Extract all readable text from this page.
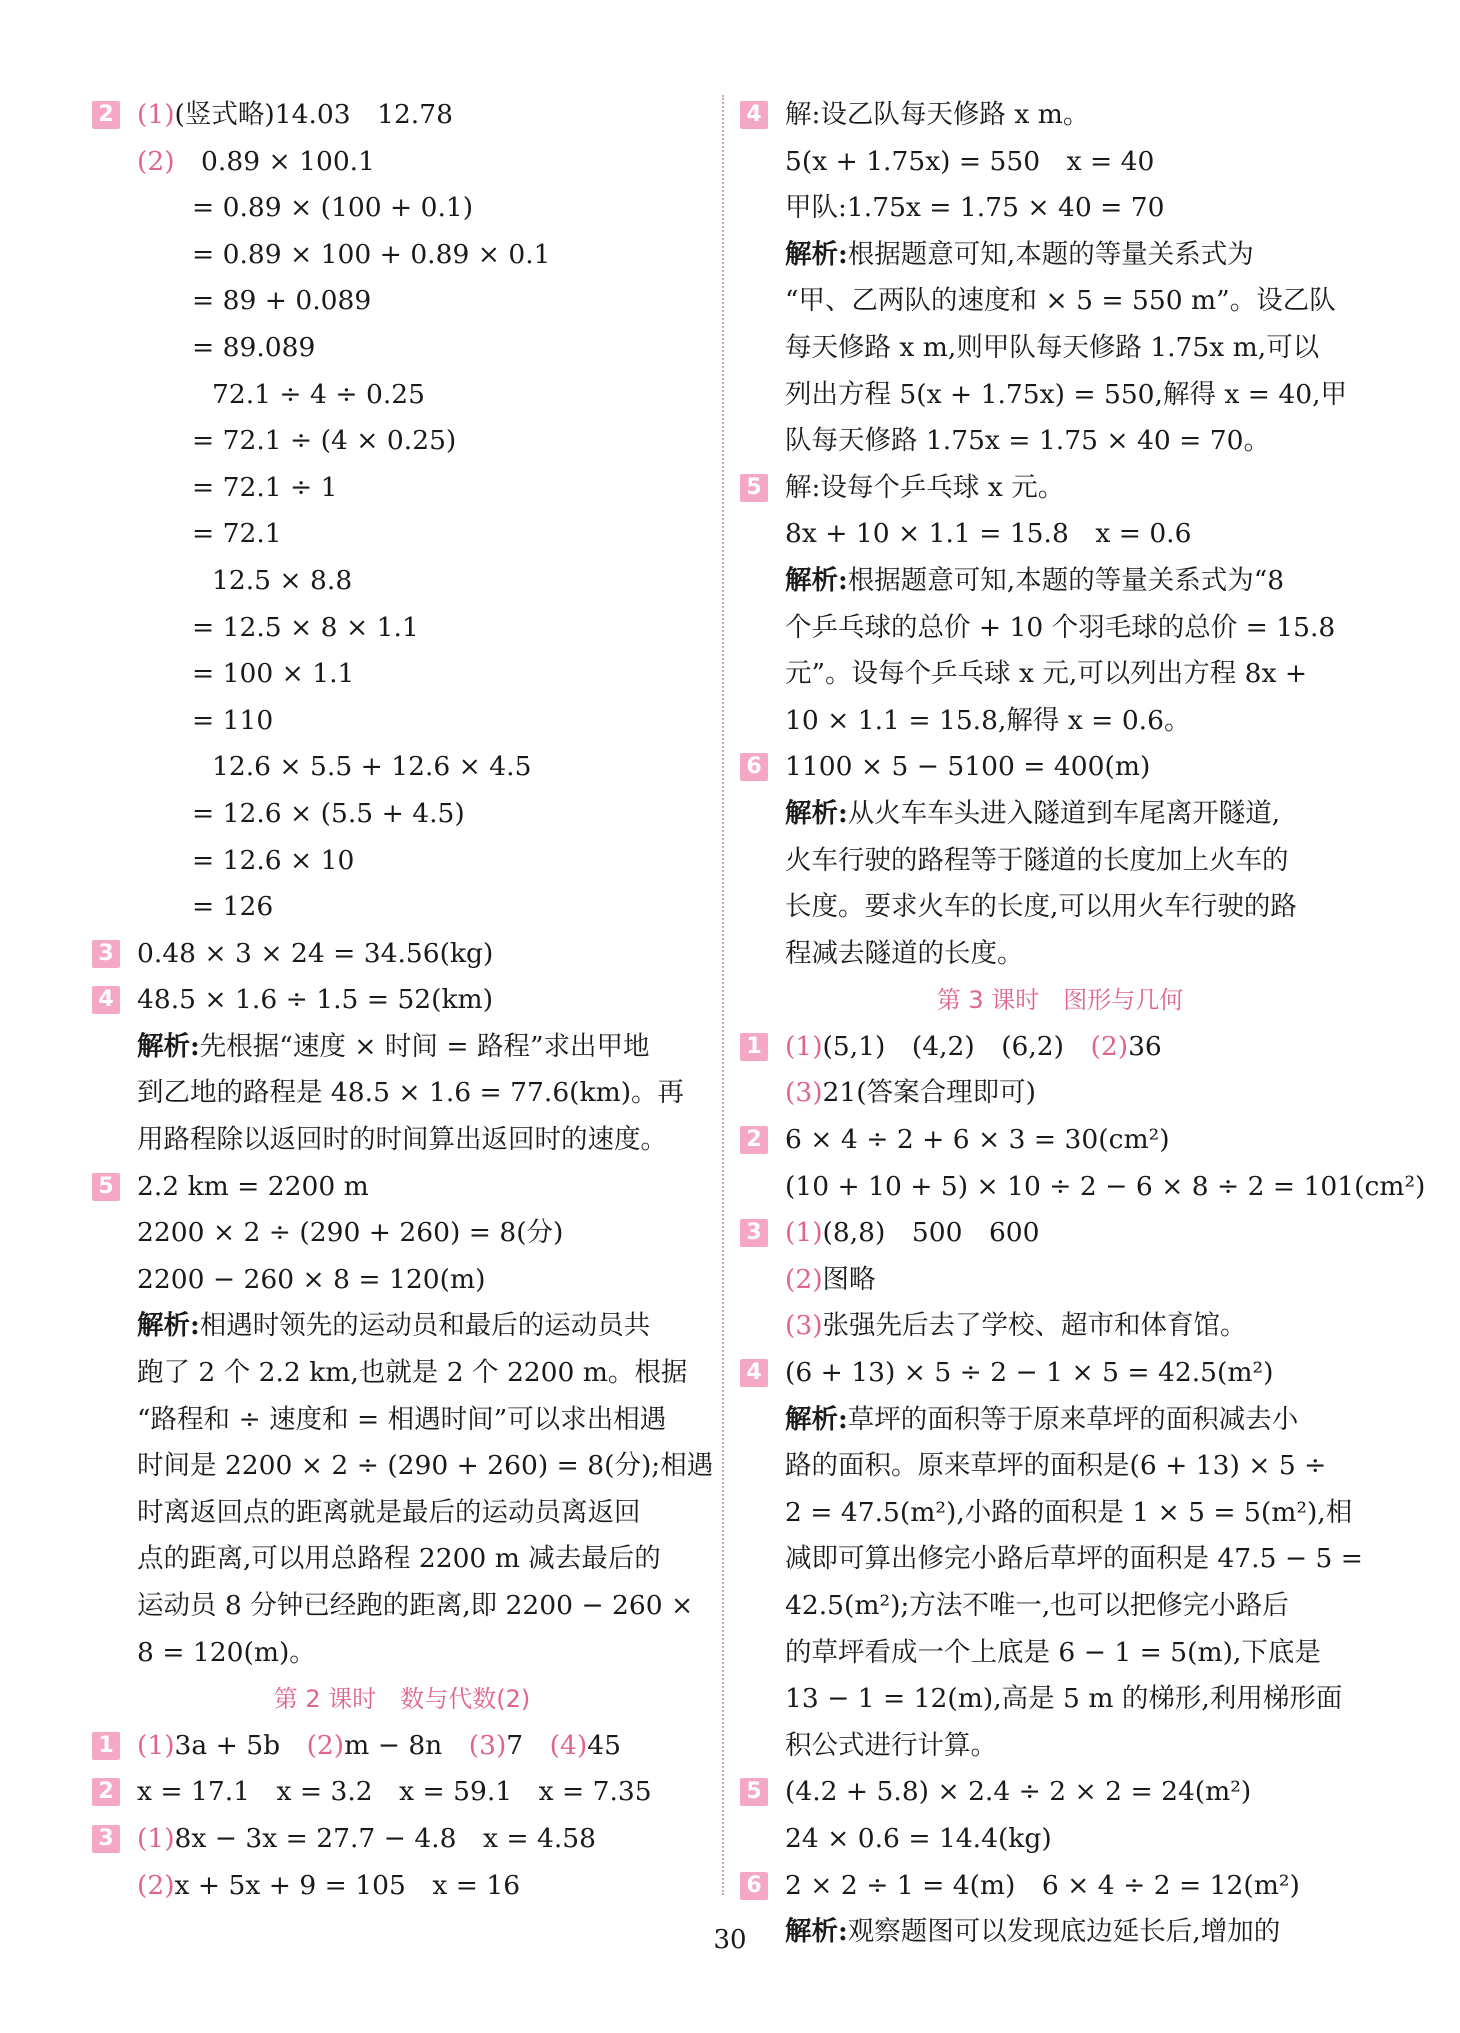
2 (1)(竖式略)14.03　12.78
(2)　0.89 × 100.1
= 0.89 × (100 + 0.1)
= 0.89 × 100 + 0.89 × 0.1
= 89 + 0.089
= 89.089
72.1 ÷ 4 ÷ 0.25
= 72.1 ÷ (4 × 0.25)
= 72.1 ÷ 1
= 72.1
12.5 × 8.8
= 12.5 × 8 × 1.1
= 100 × 1.1
= 110
12.6 × 5.5 + 12.6 × 4.5
= 12.6 × (5.5 + 4.5)
= 12.6 × 10
= 126
3 0.48 × 3 × 24 = 34.56(kg)
4 48.5 × 1.6 ÷ 1.5 = 52(km)
解析:先根据“速度 × 时间 = 路程”求出甲地
到乙地的路程是 48.5 × 1.6 = 77.6(km)。再
用路程除以返回时的时间算出返回时的速度。
5 2.2 km = 2200 m
2200 × 2 ÷ (290 + 260) = 8(分)
2200 − 260 × 8 = 120(m)
解析:相遇时领先的运动员和最后的运动员共
跑了 2 个 2.2 km,也就是 2 个 2200 m。根据
“路程和 ÷ 速度和 = 相遇时间”可以求出相遇
时间是 2200 × 2 ÷ (290 + 260) = 8(分);相遇
时离返回点的距离就是最后的运动员离返回
点的距离,可以用总路程 2200 m 减去最后的
运动员 8 分钟已经跑的距离,即 2200 − 260 ×
8 = 120(m)。
第 2 课时　数与代数(2)
1 (1)3a + 5b　(2)m − 8n　(3)7　(4)45
2 x = 17.1　x = 3.2　x = 59.1　x = 7.35
3 (1)8x − 3x = 27.7 − 4.8　x = 4.58
(2)x + 5x + 9 = 105　x = 16
4 解:设乙队每天修路 x m。
5(x + 1.75x) = 550　x = 40
甲队:1.75x = 1.75 × 40 = 70
解析:根据题意可知,本题的等量关系式为
“甲、乙两队的速度和 × 5 = 550 m”。设乙队
每天修路 x m,则甲队每天修路 1.75x m,可以
列出方程 5(x + 1.75x) = 550,解得 x = 40,甲
队每天修路 1.75x = 1.75 × 40 = 70。
5 解:设每个乒乓球 x 元。
8x + 10 × 1.1 = 15.8　x = 0.6
解析:根据题意可知,本题的等量关系式为“8
个乒乓球的总价 + 10 个羽毛球的总价 = 15.8
元”。设每个乒乓球 x 元,可以列出方程 8x +
10 × 1.1 = 15.8,解得 x = 0.6。
6 1100 × 5 − 5100 = 400(m)
解析:从火车车头进入隧道到车尾离开隧道,
火车行驶的路程等于隧道的长度加上火车的
长度。要求火车的长度,可以用火车行驶的路
程减去隧道的长度。
第 3 课时　图形与几何
1 (1)(5,1)　(4,2)　(6,2)　(2)36
(3)21(答案合理即可)
2 6 × 4 ÷ 2 + 6 × 3 = 30(cm²)
(10 + 10 + 5) × 10 ÷ 2 − 6 × 8 ÷ 2 = 101(cm²)
3 (1)(8,8)　500　600
(2)图略
(3)张强先后去了学校、超市和体育馆。
4 (6 + 13) × 5 ÷ 2 − 1 × 5 = 42.5(m²)
解析:草坪的面积等于原来草坪的面积减去小
路的面积。原来草坪的面积是(6 + 13) × 5 ÷
2 = 47.5(m²),小路的面积是 1 × 5 = 5(m²),相
减即可算出修完小路后草坪的面积是 47.5 − 5 =
42.5(m²);方法不唯一,也可以把修完小路后
的草坪看成一个上底是 6 − 1 = 5(m),下底是
13 − 1 = 12(m),高是 5 m 的梯形,利用梯形面
积公式进行计算。
5 (4.2 + 5.8) × 2.4 ÷ 2 × 2 = 24(m²)
24 × 0.6 = 14.4(kg)
6 2 × 2 ÷ 1 = 4(m)　6 × 4 ÷ 2 = 12(m²)
解析:观察题图可以发现底边延长后,增加的
30
